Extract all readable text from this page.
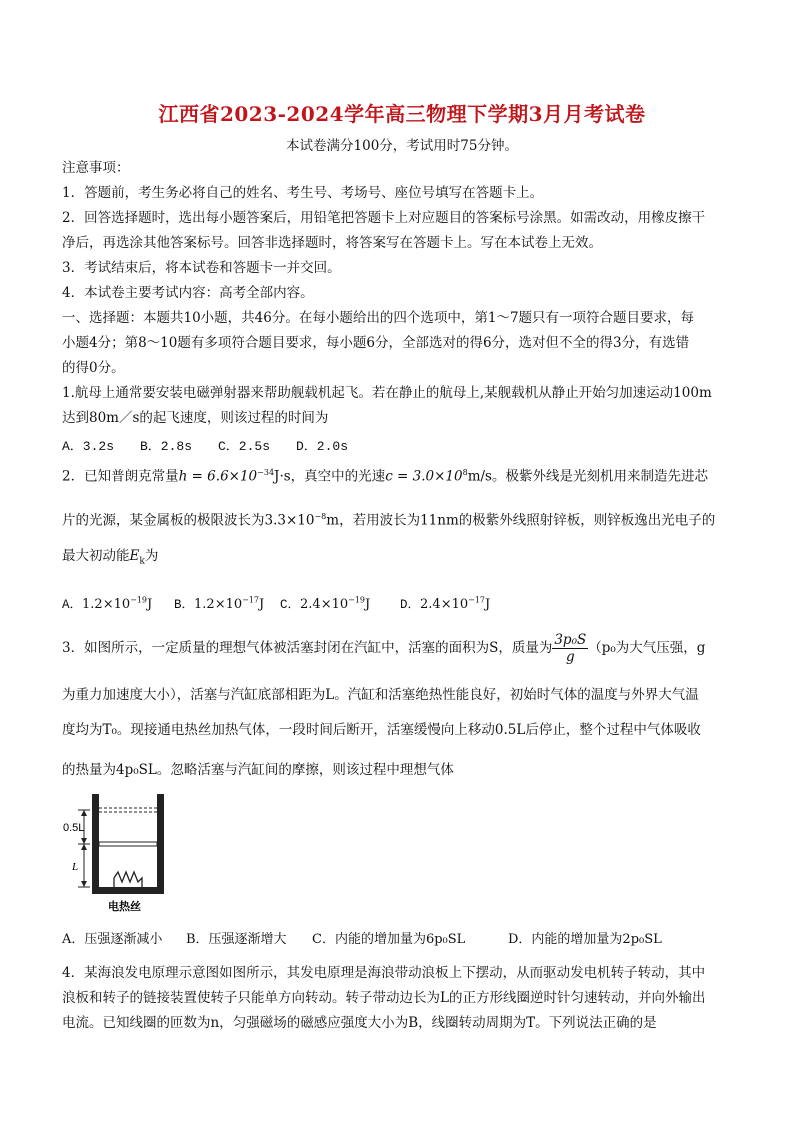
江西省2023-2024学年高三物理下学期3月月考试卷
本试卷满分100分，考试用时75分钟。
注意事项：
1．答题前，考生务必将自己的姓名、考生号、考场号、座位号填写在答题卡上。
2．回答选择题时，选出每小题答案后，用铅笔把答题卡上对应题目的答案标号涂黑。如需改动，用橡皮擦干
净后，再选涂其他答案标号。回答非选择题时，将答案写在答题卡上。写在本试卷上无效。
3．考试结束后，将本试卷和答题卡一并交回。
4．本试卷主要考试内容：高考全部内容。
一、选择题：本题共10小题，共46分。在每小题给出的四个选项中，第1～7题只有一项符合题目要求，每
小题4分；第8～10题有多项符合题目要求，每小题6分，全部选对的得6分，选对但不全的得3分，有选错
的得0分。
1.航母上通常要安装电磁弹射器来帮助舰载机起飞。若在静止的航母上,某舰载机从静止开始匀加速运动100m
达到80m／s的起飞速度，则该过程的时间为
A．3.2s B．2.8s C．2.5s D．2.0s
2．已知普朗克常量$h = 6.6\times 10^{-34}J\cdot s$，真空中的光速$c = 3.0\times 10^8m/s$。极紫外线是光刻机用来制造先进芯
片的光源，某金属板的极限波长为$3.3\times 10^{-8}m$，若用波长为11nm的极紫外线照射锌板，则锌板逸出光电子的
最大初动能$E_k$为
A．$1.2\times 10^{-19}J$ B．$1.2\times 10^{-17}J$ C．$2.4\times 10^{-19}J$ D．$2.4\times 10^{-17}J$
3．如图所示，一定质量的理想气体被活塞封闭在汽缸中，活塞的面积为S，质量为 $\frac{\text{3p₀S}}{g} (p_0$为大气压强，g
为重力加速度大小），活塞与汽缸底部相距为L。汽缸和活塞绝热性能良好，初始时气体的温度与外界大气温
度均为T₀。现接通电热丝加热气体，一段时间后断开，活塞缓慢向上移动0.5L后停止，整个过程中气体吸收
的热量为4p₀SL。忽略活塞与汽缸间的摩擦，则该过程中理想气体
0.5L
L
电热丝
A．压强逐渐减小 B．压强逐渐增大 C．内能的增加量为6p₀SL	D．内能的增加量为2p₀SL
4．某海浪发电原理示意图如图所示，其发电原理是海浪带动浪板上下摆动，从而驱动发电机转子转动，其中
浪板和转子的链接装置使转子只能单方向转动。转子带动边长为L的正方形线圈逆时针匀速转动，并向外输出
电流。已知线圈的匝数为n，匀强磁场的磁感应强度大小为B，线圈转动周期为T。下列说法正确的是
